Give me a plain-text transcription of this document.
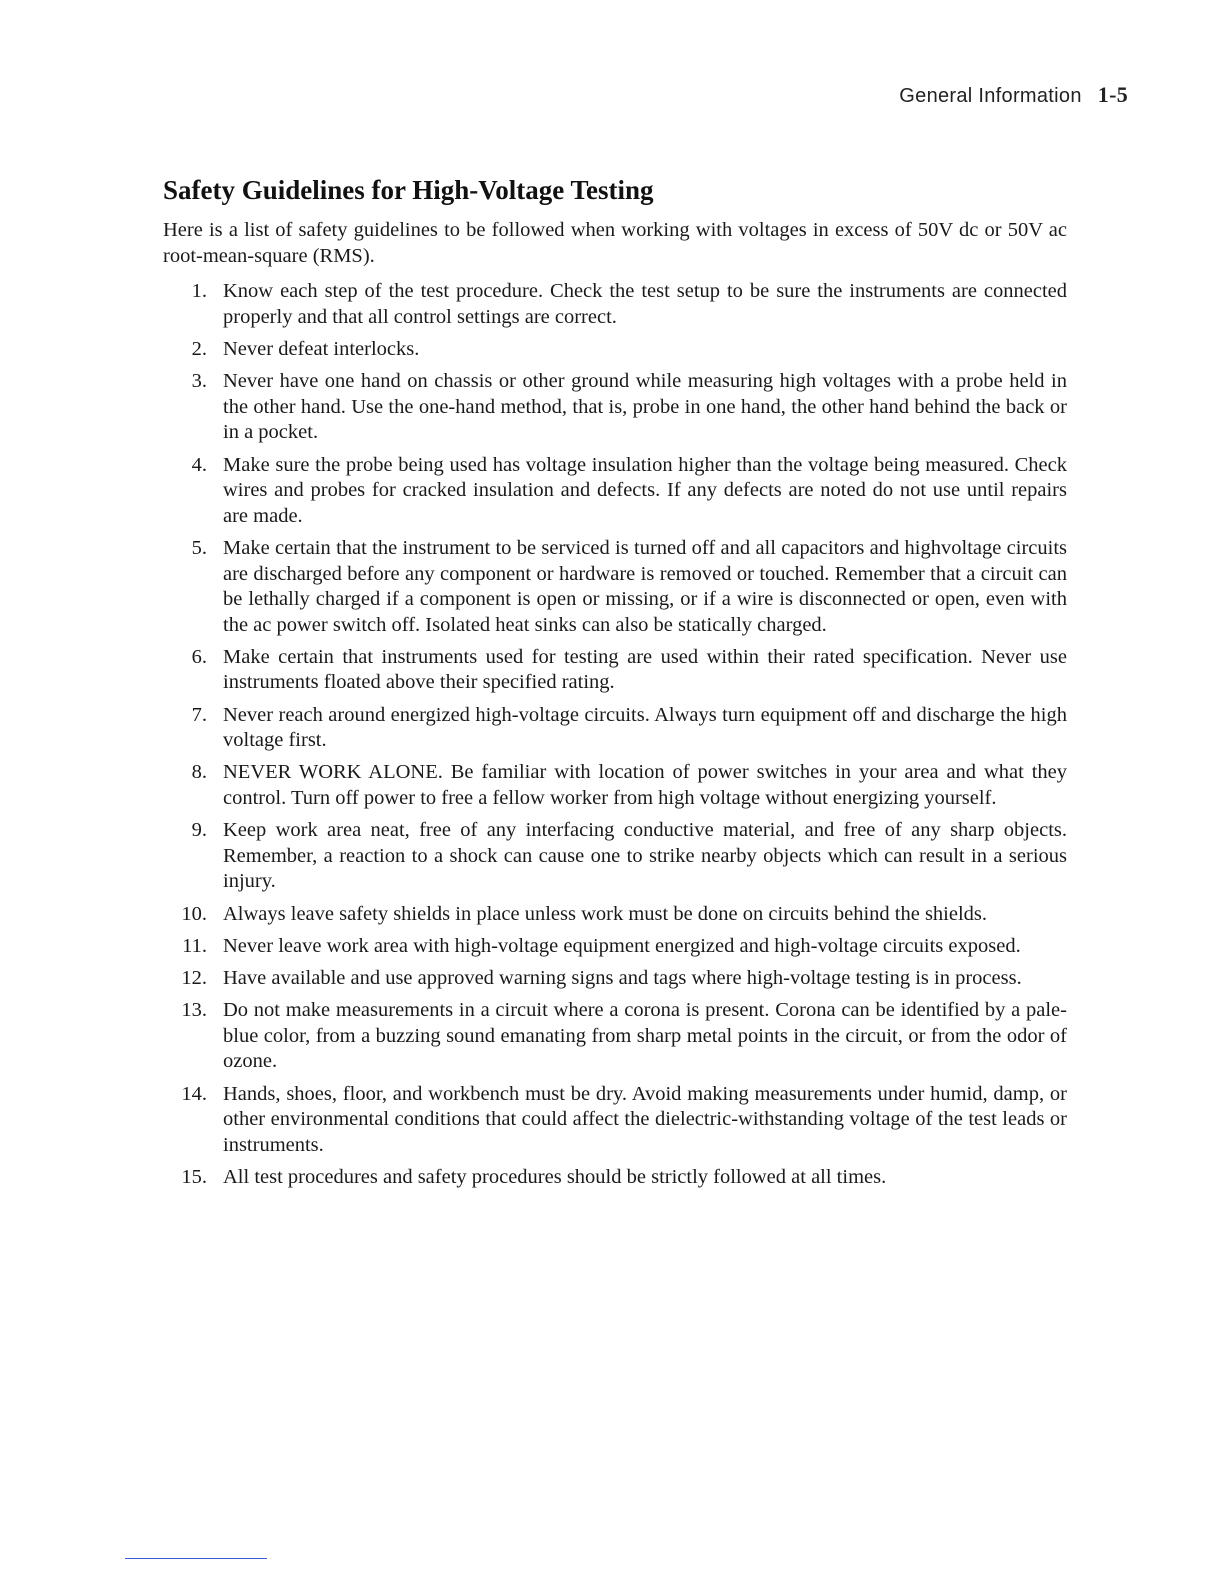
General Information 1-5
Safety Guidelines for High-Voltage Testing

Here is a list of safety guidelines to be followed when working with voltages in excess of 50V dc or 50V ac root-mean-square (RMS).

1. Know each step of the test procedure. Check the test setup to be sure the instruments are connected properly and that all control settings are correct.
2. Never defeat interlocks.
3. Never have one hand on chassis or other ground while measuring high voltages with a probe held in the other hand. Use the one-hand method, that is, probe in one hand, the other hand behind the back or in a pocket.
4. Make sure the probe being used has voltage insulation higher than the voltage being measured. Check wires and probes for cracked insulation and defects. If any defects are noted do not use until repairs are made.
5. Make certain that the instrument to be serviced is turned off and all capacitors and highvoltage circuits are discharged before any component or hardware is removed or touched. Remember that a circuit can be lethally charged if a component is open or missing, or if a wire is disconnected or open, even with the ac power switch off. Isolated heat sinks can also be statically charged.
6. Make certain that instruments used for testing are used within their rated specification. Never use instruments floated above their specified rating.
7. Never reach around energized high-voltage circuits. Always turn equipment off and discharge the high voltage first.
8. NEVER WORK ALONE. Be familiar with location of power switches in your area and what they control. Turn off power to free a fellow worker from high voltage without energizing yourself.
9. Keep work area neat, free of any interfacing conductive material, and free of any sharp objects. Remember, a reaction to a shock can cause one to strike nearby objects which can result in a serious injury.
10. Always leave safety shields in place unless work must be done on circuits behind the shields.
11. Never leave work area with high-voltage equipment energized and high-voltage circuits exposed.
12. Have available and use approved warning signs and tags where high-voltage testing is in process.
13. Do not make measurements in a circuit where a corona is present. Corona can be identified by a pale-blue color, from a buzzing sound emanating from sharp metal points in the circuit, or from the odor of ozone.
14. Hands, shoes, floor, and workbench must be dry. Avoid making measurements under humid, damp, or other environmental conditions that could affect the dielectric-withstanding voltage of the test leads or instruments.
15. All test procedures and safety procedures should be strictly followed at all times.
